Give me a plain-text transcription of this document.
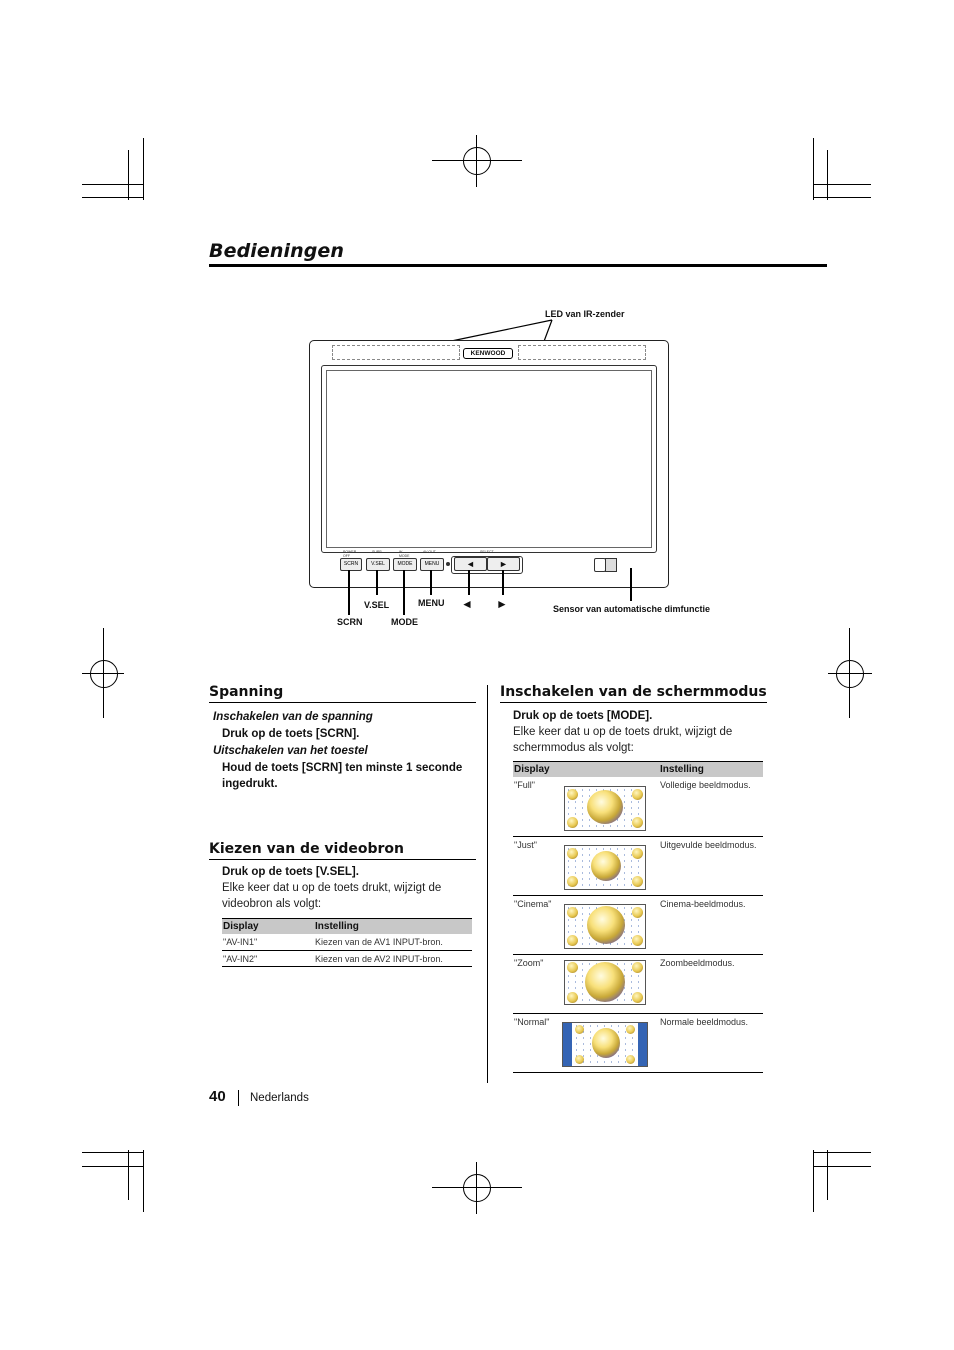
Bedieningen
LED van IR-zender
KENWOOD
POWER OFF
SUPP	W. MODE
AV OUT	SELECT
SCRN	V.SEL	MODE	MENU	◄	►
SCRN
V.SEL
MODE
MENU ◄ ►	Sensor van automatische dimfunctie
Spanning
Inschakelen van de spanning
Druk op de toets [SCRN].
Uitschakelen van het toestel
Houd de toets [SCRN] ten minste 1 seconde
ingedrukt.
Kiezen van de videobron
Druk op de toets [V.SEL].
Elke keer dat u op de toets drukt, wijzigt de
videobron als volgt:
Display	Instelling
"AV-IN1"	Kiezen van de AV1 INPUT-bron.
"AV-IN2"	Kiezen van de AV2 INPUT-bron.
Inschakelen van de schermmodus
Druk op de toets [MODE].
Elke keer dat u op de toets drukt, wijzigt de
schermmodus als volgt:
Display	Instelling
"Full"	Volledige beeldmodus.
"Just"	Uitgevulde beeldmodus.
"Cinema"	Cinema-beeldmodus.
"Zoom"	Zoombeeldmodus.
"Normal"	Normale beeldmodus.
40 Nederlands
